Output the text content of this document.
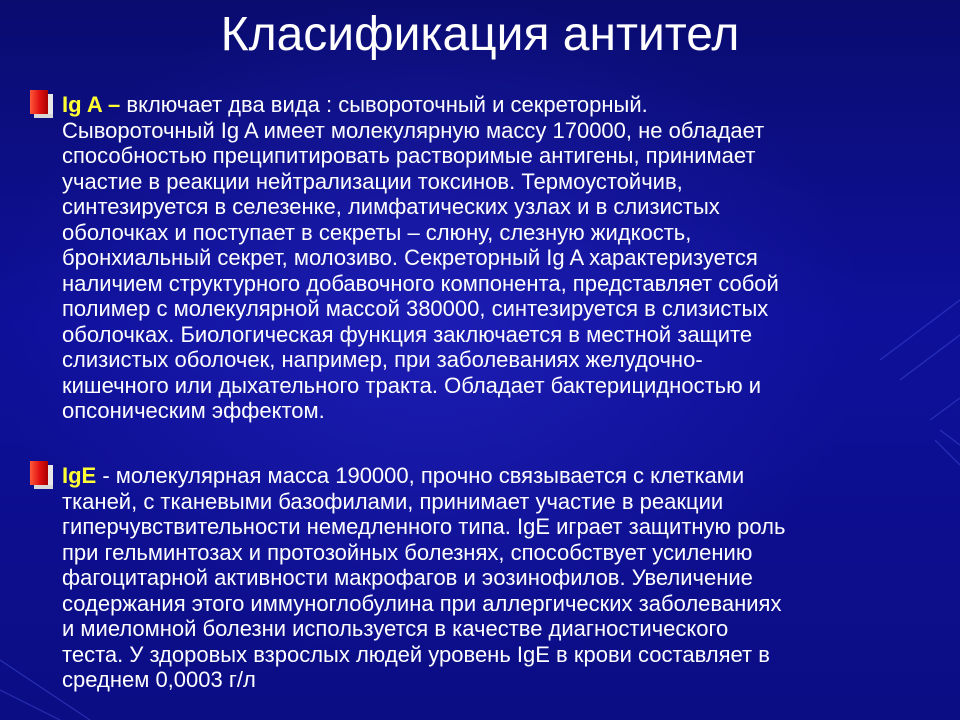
Класификация антител
Ig A – включает два вида : сывороточный и секреторный.
Сывороточный Ig A имеет молекулярную массу 170000, не обладает
способностью преципитировать растворимые антигены, принимает
участие в реакции нейтрализации токсинов. Термоустойчив,
синтезируется в селезенке, лимфатических узлах и в слизистых
оболочках и поступает в секреты – слюну, слезную жидкость,
бронхиальный секрет, молозиво. Секреторный Ig A характеризуется
наличием структурного добавочного компонента, представляет собой
полимер с молекулярной массой 380000, синтезируется в слизистых
оболочках. Биологическая функция заключается в местной защите
слизистых оболочек, например, при заболеваниях желудочно-
кишечного или дыхательного тракта. Обладает бактерицидностью и
опсоническим эффектом.
IgE - молекулярная масса 190000, прочно связывается с клетками
тканей, с тканевыми базофилами, принимает участие в реакции
гиперчувствительности немедленного типа. IgE играет защитную роль
при гельминтозах и протозойных болезнях, способствует усилению
фагоцитарной активности макрофагов и эозинофилов. Увеличение
содержания этого иммуноглобулина при аллергических заболеваниях
и миеломной болезни используется в качестве диагностического
теста. У здоровых взрослых людей уровень IgE в крови составляет в
среднем 0,0003 г/л
